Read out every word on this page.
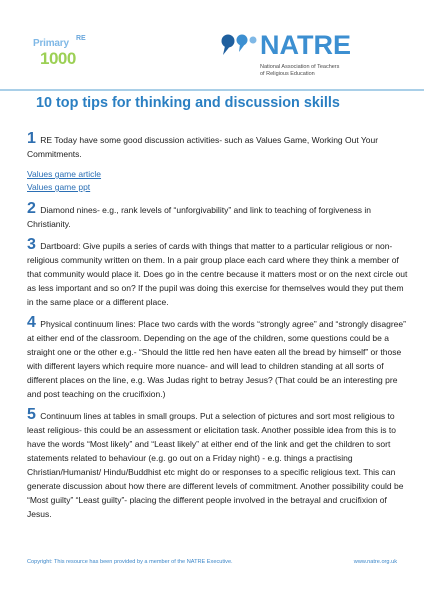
Primary RE
1000	NATRE
National Association of Teachers
of Religious Education
10 top tips for thinking and discussion skills

1 RE Today have some good discussion activities- such as Values Game, Working Out Your Commitments.

Values game article
Values game ppt

2 Diamond nines- e.g., rank levels of “unforgivability” and link to teaching of forgiveness in Christianity.

3 Dartboard: Give pupils a series of cards with things that matter to a particular religious or non-religious community written on them. In a pair group place each card where they think a member of that community would place it. Does go in the centre because it matters most or on the next circle out as less important and so on? If the pupil was doing this exercise for themselves would they put them in the same place or a different place.

4 Physical continuum lines: Place two cards with the words “strongly agree” and “strongly disagree” at either end of the classroom. Depending on the age of the children, some questions could be a straight one or the other e.g.- “Should the little red hen have eaten all the bread by himself” or those with different layers which require more nuance- and will lead to children standing at all sorts of different places on the line, e.g. Was Judas right to betray Jesus? (That could be an interesting pre and post teaching on the crucifixion.)

5 Continuum lines at tables in small groups. Put a selection of pictures and sort most religious to least religious- this could be an assessment or elicitation task. Another possible idea from this is to have the words “Most likely” and “Least likely” at either end of the link and get the children to sort statements related to behaviour (e.g. go out on a Friday night) - e.g. things a practising Christian/Humanist/ Hindu/Buddhist etc might do or responses to a specific religious text. This can generate discussion about how there are different levels of commitment. Another possibility could be “Most guilty” “Least guilty”- placing the different people involved in the betrayal and crucifixion of Jesus.

Copyright: This resource has been provided by a member of the NATRE Executive.	www.natre.org.uk
